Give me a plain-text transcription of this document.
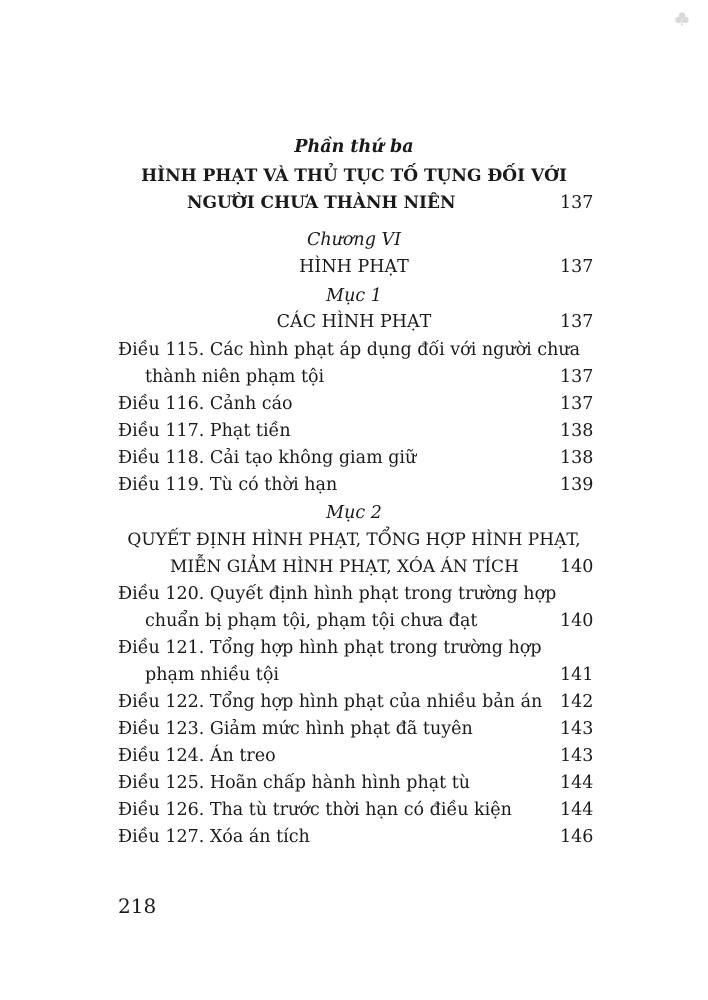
Phần thứ ba
HÌNH PHẠT VÀ THỦ TỤC TỐ TỤNG ĐỐI VỚI
NGƯỜI CHƯA THÀNH NIÊN	137
Chương VI
HÌNH PHẠT	137
Mục 1
CÁC HÌNH PHẠT	137
Điều 115. Các hình phạt áp dụng đối với người chưa
thành niên phạm tội	137
Điều 116. Cảnh cáo	137
Điều 117. Phạt tiền	138
Điều 118. Cải tạo không giam giữ	138
Điều 119. Tù có thời hạn	139
Mục 2
QUYẾT ĐỊNH HÌNH PHẠT, TỔNG HỢP HÌNH PHẠT,
MIỄN GIẢM HÌNH PHẠT, XÓA ÁN TÍCH 140
Điều 120. Quyết định hình phạt trong trường hợp
chuẩn bị phạm tội, phạm tội chưa đạt	140
Điều 121. Tổng hợp hình phạt trong trường hợp
phạm nhiều tội	141
Điều 122. Tổng hợp hình phạt của nhiều bản án 142
Điều 123. Giảm mức hình phạt đã tuyên	143
Điều 124. Án treo	143
Điều 125. Hoãn chấp hành hình phạt tù	144
Điều 126. Tha tù trước thời hạn có điều kiện	144
Điều 127. Xóa án tích	146
218
